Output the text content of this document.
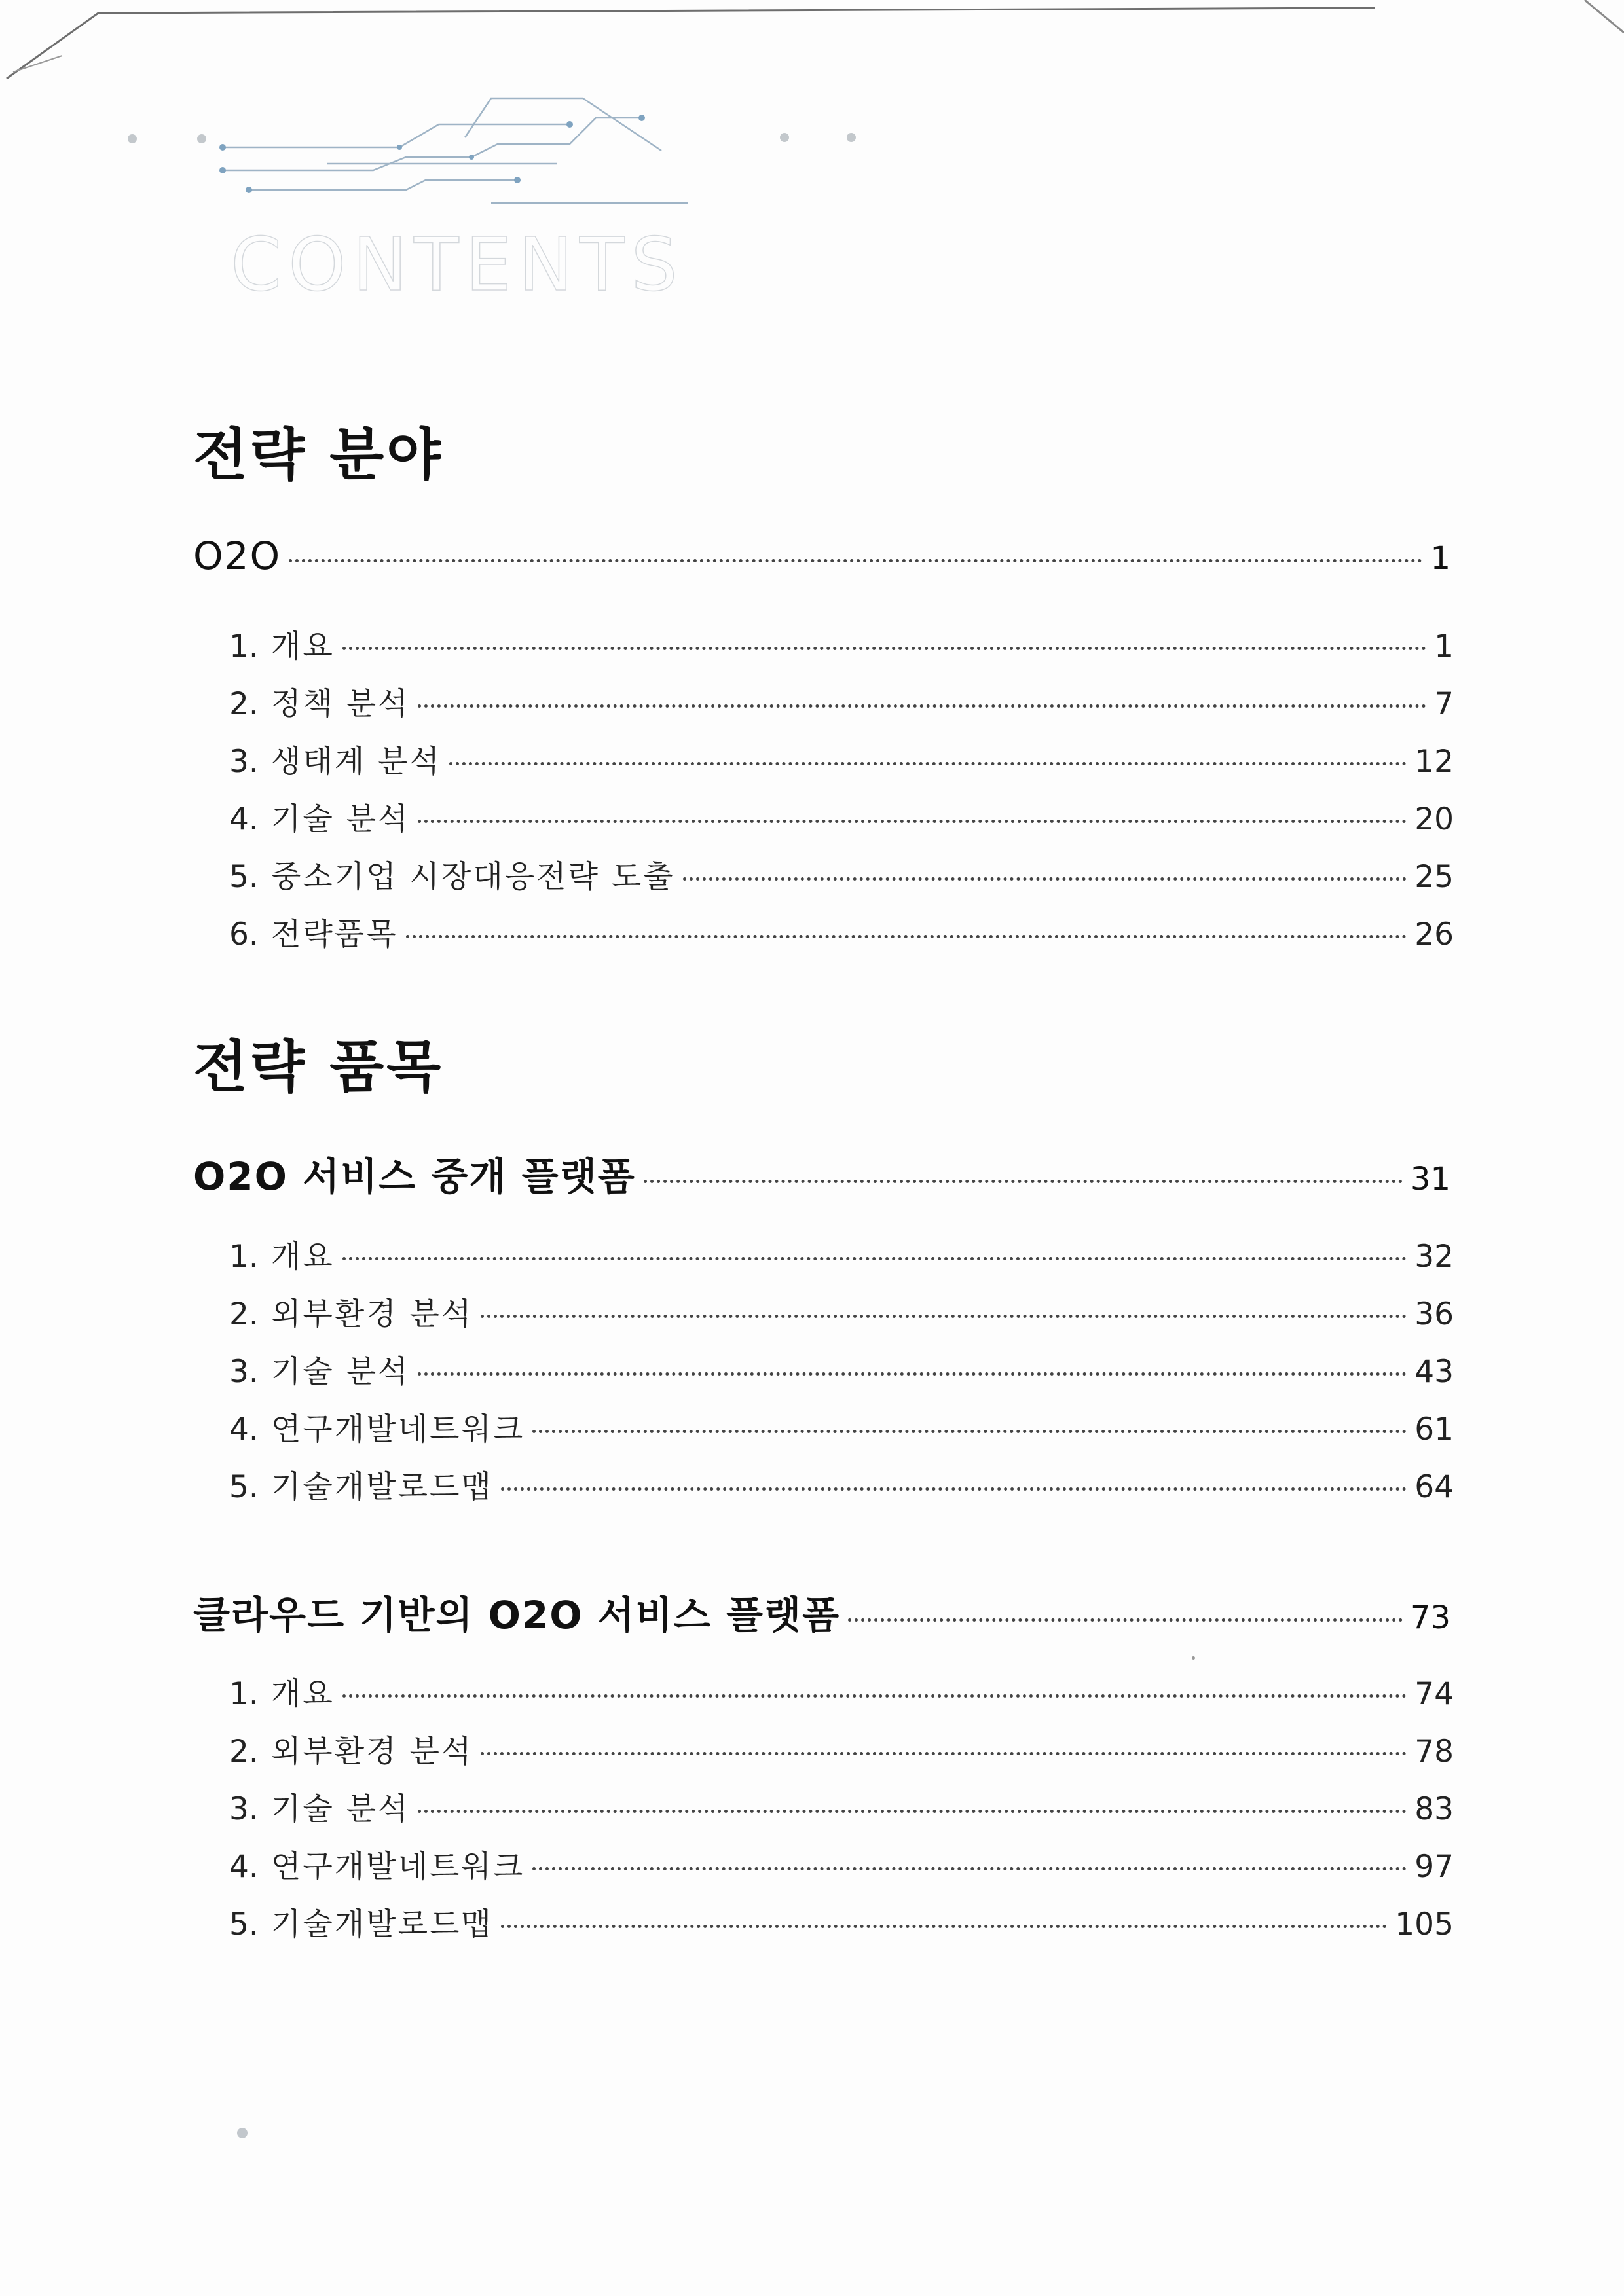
CONTENTS
전략 분야
O2O	1
1. 개요	1
2. 정책 분석	7
3. 생태계 분석	12
4. 기술 분석	20
5. 중소기업 시장대응전략 도출	25
6. 전략품목	26
전략 품목
O2O 서비스 중개 플랫폼	31
1. 개요	32
2. 외부환경 분석	36
3. 기술 분석	43
4. 연구개발네트워크	61
5. 기술개발로드맵	64
클라우드 기반의 O2O 서비스 플랫폼	73
1. 개요	74
2. 외부환경 분석	78
3. 기술 분석	83
4. 연구개발네트워크	97
5. 기술개발로드맵	105
